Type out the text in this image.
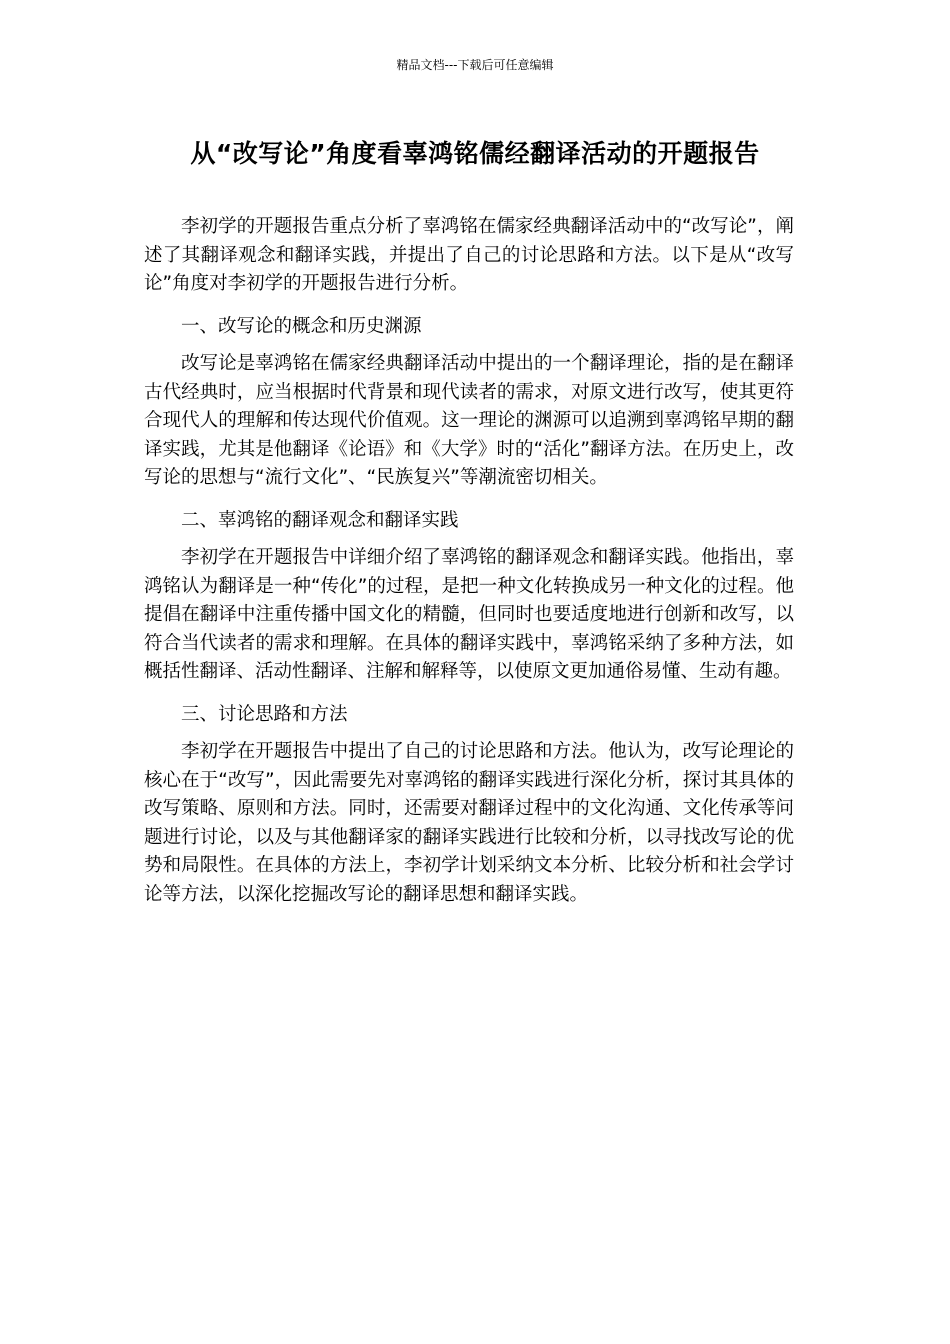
精品文档---下载后可任意编辑
从“改写论”角度看辜鸿铭儒经翻译活动的开题报告

李初学的开题报告重点分析了辜鸿铭在儒家经典翻译活动中的“改写论”，阐述了其翻译观念和翻译实践，并提出了自己的讨论思路和方法。以下是从“改写论”角度对李初学的开题报告进行分析。

一、改写论的概念和历史渊源

改写论是辜鸿铭在儒家经典翻译活动中提出的一个翻译理论，指的是在翻译古代经典时，应当根据时代背景和现代读者的需求，对原文进行改写，使其更符合现代人的理解和传达现代价值观。这一理论的渊源可以追溯到辜鸿铭早期的翻译实践，尤其是他翻译《论语》和《大学》时的“活化”翻译方法。在历史上，改写论的思想与“流行文化”、“民族复兴”等潮流密切相关。

二、辜鸿铭的翻译观念和翻译实践

李初学在开题报告中详细介绍了辜鸿铭的翻译观念和翻译实践。他指出，辜鸿铭认为翻译是一种“传化”的过程，是把一种文化转换成另一种文化的过程。他提倡在翻译中注重传播中国文化的精髓，但同时也要适度地进行创新和改写，以符合当代读者的需求和理解。在具体的翻译实践中，辜鸿铭采纳了多种方法，如概括性翻译、活动性翻译、注解和解释等，以使原文更加通俗易懂、生动有趣。

三、讨论思路和方法

李初学在开题报告中提出了自己的讨论思路和方法。他认为，改写论理论的核心在于“改写”，因此需要先对辜鸿铭的翻译实践进行深化分析，探讨其具体的改写策略、原则和方法。同时，还需要对翻译过程中的文化沟通、文化传承等问题进行讨论，以及与其他翻译家的翻译实践进行比较和分析，以寻找改写论的优势和局限性。在具体的方法上，李初学计划采纳文本分析、比较分析和社会学讨论等方法，以深化挖掘改写论的翻译思想和翻译实践。
